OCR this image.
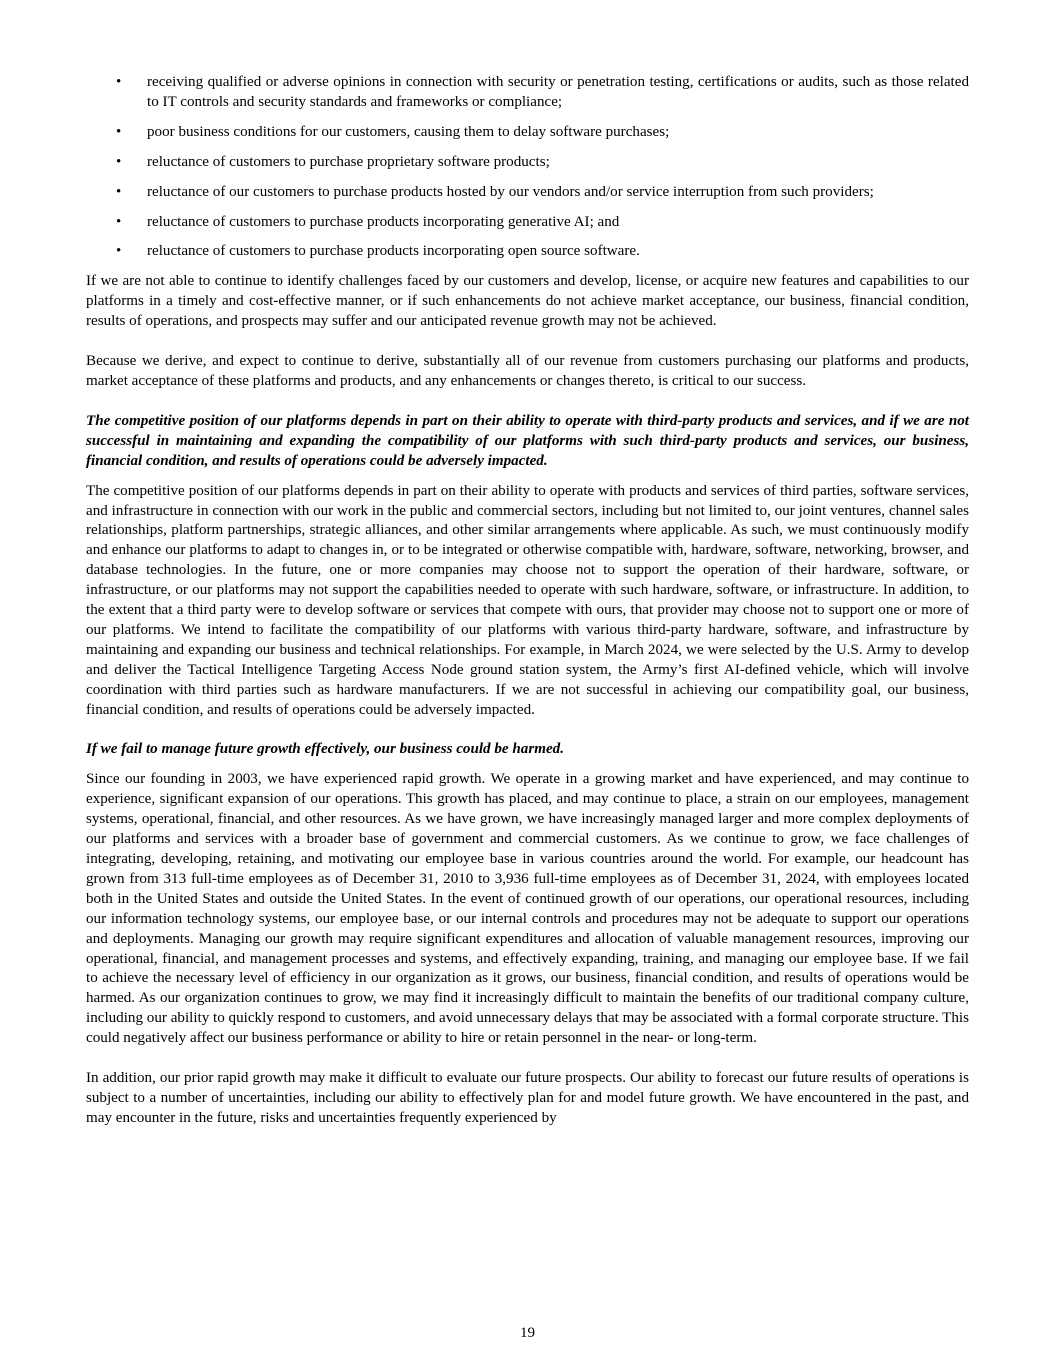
• receiving qualified or adverse opinions in connection with security or penetration testing, certifications or audits, such as those related to IT controls and security standards and frameworks or compliance;
• poor business conditions for our customers, causing them to delay software purchases;
• reluctance of customers to purchase proprietary software products;
• reluctance of our customers to purchase products hosted by our vendors and/or service interruption from such providers;
• reluctance of customers to purchase products incorporating generative AI; and
• reluctance of customers to purchase products incorporating open source software.

If we are not able to continue to identify challenges faced by our customers and develop, license, or acquire new features and capabilities to our platforms in a timely and cost-effective manner, or if such enhancements do not achieve market acceptance, our business, financial condition, results of operations, and prospects may suffer and our anticipated revenue growth may not be achieved.

Because we derive, and expect to continue to derive, substantially all of our revenue from customers purchasing our platforms and products, market acceptance of these platforms and products, and any enhancements or changes thereto, is critical to our success.

The competitive position of our platforms depends in part on their ability to operate with third-party products and services, and if we are not successful in maintaining and expanding the compatibility of our platforms with such third-party products and services, our business, financial condition, and results of operations could be adversely impacted.

The competitive position of our platforms depends in part on their ability to operate with products and services of third parties, software services, and infrastructure in connection with our work in the public and commercial sectors, including but not limited to, our joint ventures, channel sales relationships, platform partnerships, strategic alliances, and other similar arrangements where applicable. As such, we must continuously modify and enhance our platforms to adapt to changes in, or to be integrated or otherwise compatible with, hardware, software, networking, browser, and database technologies. In the future, one or more companies may choose not to support the operation of their hardware, software, or infrastructure, or our platforms may not support the capabilities needed to operate with such hardware, software, or infrastructure. In addition, to the extent that a third party were to develop software or services that compete with ours, that provider may choose not to support one or more of our platforms. We intend to facilitate the compatibility of our platforms with various third-party hardware, software, and infrastructure by maintaining and expanding our business and technical relationships. For example, in March 2024, we were selected by the U.S. Army to develop and deliver the Tactical Intelligence Targeting Access Node ground station system, the Army’s first AI-defined vehicle, which will involve coordination with third parties such as hardware manufacturers. If we are not successful in achieving our compatibility goal, our business, financial condition, and results of operations could be adversely impacted.

If we fail to manage future growth effectively, our business could be harmed.

Since our founding in 2003, we have experienced rapid growth. We operate in a growing market and have experienced, and may continue to experience, significant expansion of our operations. This growth has placed, and may continue to place, a strain on our employees, management systems, operational, financial, and other resources. As we have grown, we have increasingly managed larger and more complex deployments of our platforms and services with a broader base of government and commercial customers. As we continue to grow, we face challenges of integrating, developing, retaining, and motivating our employee base in various countries around the world. For example, our headcount has grown from 313 full-time employees as of December 31, 2010 to 3,936 full-time employees as of December 31, 2024, with employees located both in the United States and outside the United States. In the event of continued growth of our operations, our operational resources, including our information technology systems, our employee base, or our internal controls and procedures may not be adequate to support our operations and deployments. Managing our growth may require significant expenditures and allocation of valuable management resources, improving our operational, financial, and management processes and systems, and effectively expanding, training, and managing our employee base. If we fail to achieve the necessary level of efficiency in our organization as it grows, our business, financial condition, and results of operations would be harmed. As our organization continues to grow, we may find it increasingly difficult to maintain the benefits of our traditional company culture, including our ability to quickly respond to customers, and avoid unnecessary delays that may be associated with a formal corporate structure. This could negatively affect our business performance or ability to hire or retain personnel in the near- or long-term.

In addition, our prior rapid growth may make it difficult to evaluate our future prospects. Our ability to forecast our future results of operations is subject to a number of uncertainties, including our ability to effectively plan for and model future growth. We have encountered in the past, and may encounter in the future, risks and uncertainties frequently experienced by

19
